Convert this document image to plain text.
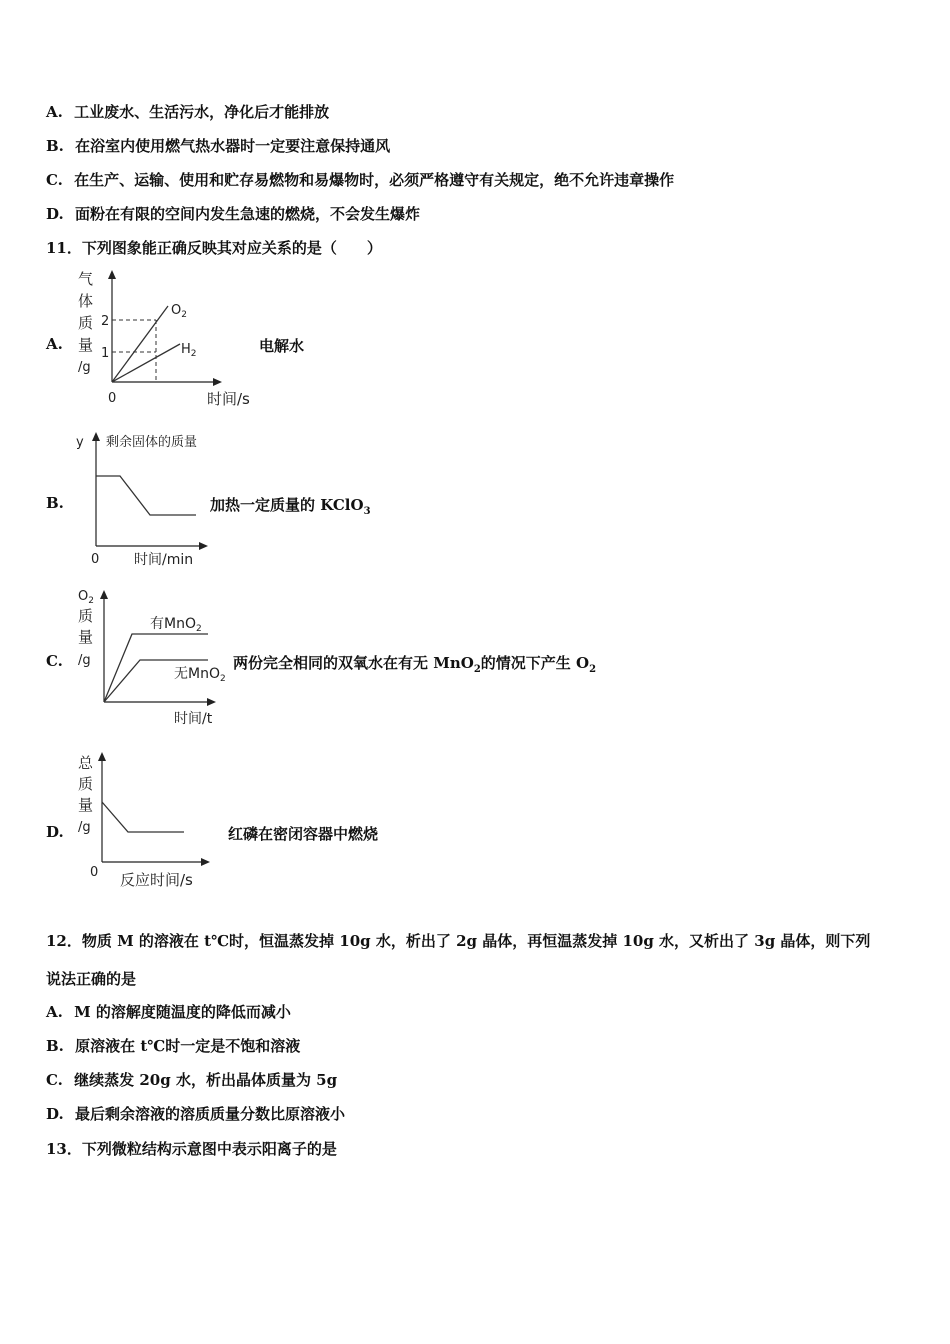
A. 工业废水、生活污水，净化后才能排放
B. 在浴室内使用燃气热水器时一定要注意保持通风
C. 在生产、运输、使用和贮存易燃物和易爆物时，必须严格遵守有关规定，绝不允许违章操作
D. 面粉在有限的空间内发生急速的燃烧，不会发生爆炸
11．下列图象能正确反映其对应关系的是（　　）
A.
气
体
质
量
/g
2
1
0	时间/s
$O_2$
$H_2$	电解水
B.
y 剩余固体的质量
0 时间/min
加热一定质量的 KClO$_3$
C.
$O_2$
质
量
/g
有MnO$_2$
无MnO$_2$
时间/t
两份完全相同的双氧水在有无 MnO$_2$的情况下产生 $O_2$
D.
总
质
量
/g
0 反应时间/s
红磷在密闭容器中燃烧
12．物质 M 的溶液在 t℃时，恒温蒸发掉 10g 水，析出了 2g 晶体，再恒温蒸发掉 10g 水，又析出了 3g 晶体，则下列
说法正确的是
A. M 的溶解度随温度的降低而减小
B. 原溶液在 t℃时一定是不饱和溶液
C. 继续蒸发 20g 水，析出晶体质量为 5g
D. 最后剩余溶液的溶质质量分数比原溶液小
13．下列微粒结构示意图中表示阳离子的是
